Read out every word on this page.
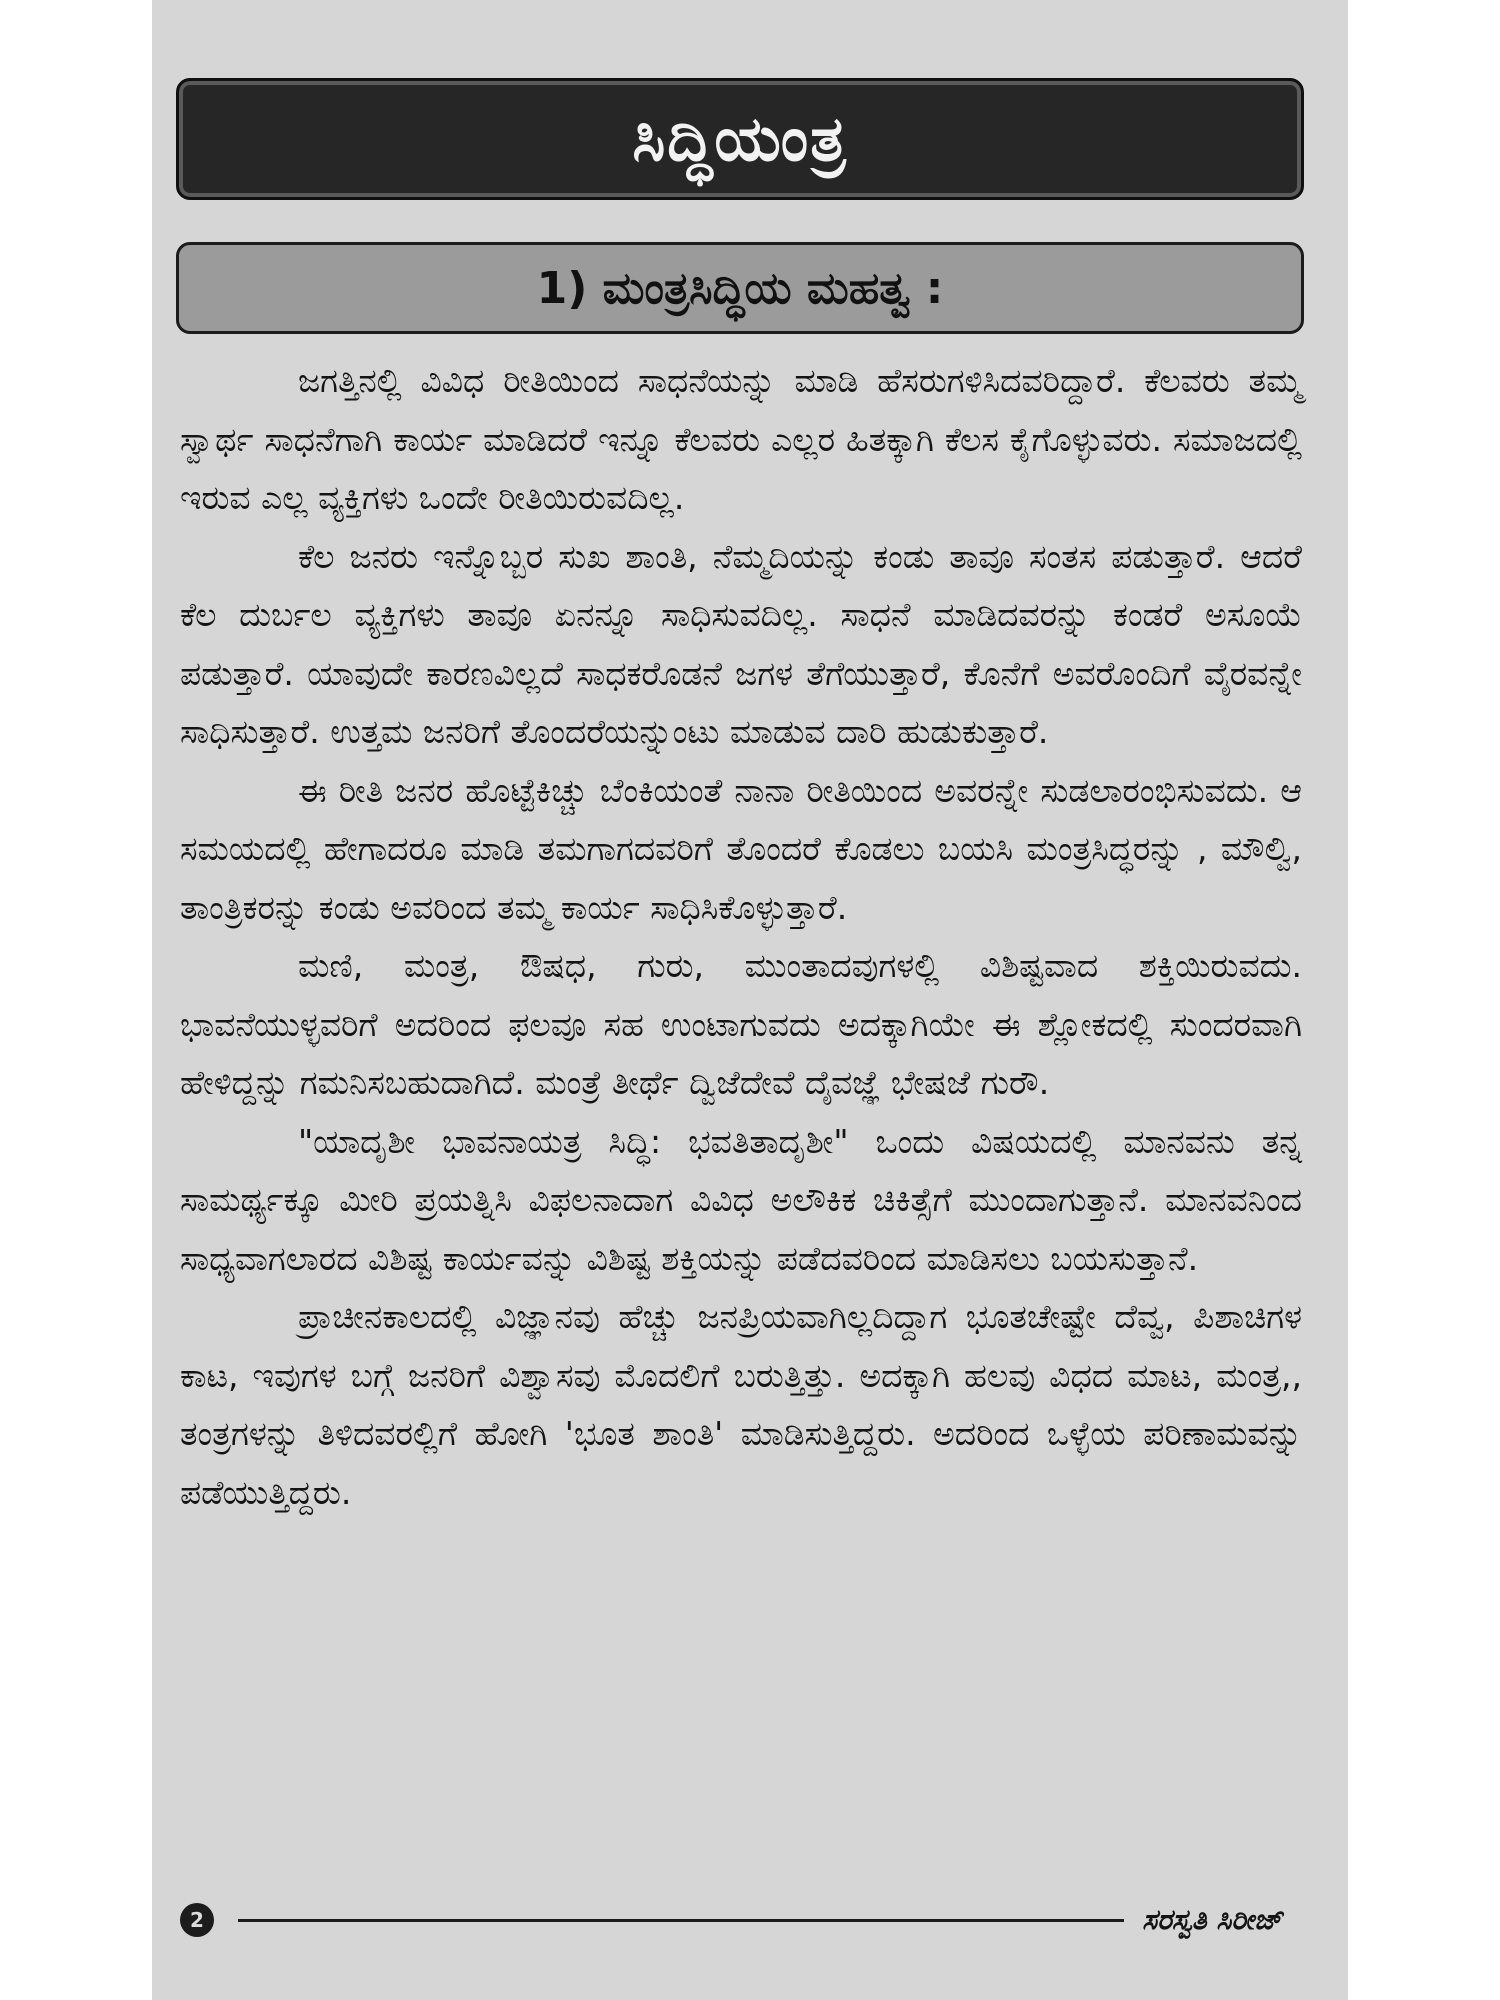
ಸಿದ್ಧಿಯಂತ್ರ
1) ಮಂತ್ರಸಿದ್ಧಿಯ ಮಹತ್ವ :

ಜಗತ್ತಿನಲ್ಲಿ ವಿವಿಧ ರೀತಿಯಿಂದ ಸಾಧನೆಯನ್ನು ಮಾಡಿ ಹೆಸರುಗಳಿಸಿದವರಿದ್ದಾರೆ. ಕೆಲವರು ತಮ್ಮ ಸ್ವಾರ್ಥ ಸಾಧನೆಗಾಗಿ ಕಾರ್ಯ ಮಾಡಿದರೆ ಇನ್ನೂ ಕೆಲವರು ಎಲ್ಲರ ಹಿತಕ್ಕಾಗಿ ಕೆಲಸ ಕೈಗೊಳ್ಳುವರು. ಸಮಾಜದಲ್ಲಿ ಇರುವ ಎಲ್ಲ ವ್ಯಕ್ತಿಗಳು ಒಂದೇ ರೀತಿಯಿರುವದಿಲ್ಲ.

ಕೆಲ ಜನರು ಇನ್ನೊಬ್ಬರ ಸುಖ ಶಾಂತಿ, ನೆಮ್ಮದಿಯನ್ನು ಕಂಡು ತಾವೂ ಸಂತಸ ಪಡುತ್ತಾರೆ. ಆದರೆ ಕೆಲ ದುರ್ಬಲ ವ್ಯಕ್ತಿಗಳು ತಾವೂ ಏನನ್ನೂ ಸಾಧಿಸುವದಿಲ್ಲ. ಸಾಧನೆ ಮಾಡಿದವರನ್ನು ಕಂಡರೆ ಅಸೂಯೆ ಪಡುತ್ತಾರೆ. ಯಾವುದೇ ಕಾರಣವಿಲ್ಲದೆ ಸಾಧಕರೊಡನೆ ಜಗಳ ತೆಗೆಯುತ್ತಾರೆ, ಕೊನೆಗೆ ಅವರೊಂದಿಗೆ ವೈರವನ್ನೇ ಸಾಧಿಸುತ್ತಾರೆ. ಉತ್ತಮ ಜನರಿಗೆ ತೊಂದರೆಯನ್ನುಂಟು ಮಾಡುವ ದಾರಿ ಹುಡುಕುತ್ತಾರೆ.

ಈ ರೀತಿ ಜನರ ಹೊಟ್ಟೆಕಿಚ್ಚು ಬೆಂಕಿಯಂತೆ ನಾನಾ ರೀತಿಯಿಂದ ಅವರನ್ನೇ ಸುಡಲಾರಂಭಿಸುವದು. ಆ ಸಮಯದಲ್ಲಿ ಹೇಗಾದರೂ ಮಾಡಿ ತಮಗಾಗದವರಿಗೆ ತೊಂದರೆ ಕೊಡಲು ಬಯಸಿ ಮಂತ್ರಸಿದ್ಧರನ್ನು , ಮೌಲ್ವಿ, ತಾಂತ್ರಿಕರನ್ನು ಕಂಡು ಅವರಿಂದ ತಮ್ಮ ಕಾರ್ಯ ಸಾಧಿಸಿಕೊಳ್ಳುತ್ತಾರೆ.

ಮಣಿ, ಮಂತ್ರ, ಔಷಧ, ಗುರು, ಮುಂತಾದವುಗಳಲ್ಲಿ ವಿಶಿಷ್ಟವಾದ ಶಕ್ತಿಯಿರುವದು. ಭಾವನೆಯುಳ್ಳವರಿಗೆ ಅದರಿಂದ ಫಲವೂ ಸಹ ಉಂಟಾಗುವದು ಅದಕ್ಕಾಗಿಯೇ ಈ ಶ್ಲೋಕದಲ್ಲಿ ಸುಂದರವಾಗಿ ಹೇಳಿದ್ದನ್ನು ಗಮನಿಸಬಹುದಾಗಿದೆ. ಮಂತ್ರೆ ತೀರ್ಥೆ ದ್ವಿಜೆದೇವೆ ದೈವಜ್ಞೆ ಭೇಷಜೆ ಗುರೌ.

"ಯಾದೃಶೀ ಭಾವನಾಯತ್ರ ಸಿದ್ಧಿ: ಭವತಿತಾದೃಶೀ" ಒಂದು ವಿಷಯದಲ್ಲಿ ಮಾನವನು ತನ್ನ ಸಾಮರ್ಥ್ಯಕ್ಕೂ ಮೀರಿ ಪ್ರಯತ್ನಿಸಿ ವಿಫಲನಾದಾಗ ವಿವಿಧ ಅಲೌಕಿಕ ಚಿಕಿತ್ಸೆಗೆ ಮುಂದಾಗುತ್ತಾನೆ. ಮಾನವನಿಂದ ಸಾಧ್ಯವಾಗಲಾರದ ವಿಶಿಷ್ಟ ಕಾರ್ಯವನ್ನು ವಿಶಿಷ್ಟ ಶಕ್ತಿಯನ್ನು ಪಡೆದವರಿಂದ ಮಾಡಿಸಲು ಬಯಸುತ್ತಾನೆ.

ಪ್ರಾಚೀನಕಾಲದಲ್ಲಿ ವಿಜ್ಞಾನವು ಹೆಚ್ಚು ಜನಪ್ರಿಯವಾಗಿಲ್ಲದಿದ್ದಾಗ ಭೂತಚೇಷ್ಟೇ ದೆವ್ವ, ಪಿಶಾಚಿಗಳ ಕಾಟ, ಇವುಗಳ ಬಗ್ಗೆ ಜನರಿಗೆ ವಿಶ್ವಾಸವು ಮೊದಲಿಗೆ ಬರುತ್ತಿತ್ತು. ಅದಕ್ಕಾಗಿ ಹಲವು ವಿಧದ ಮಾಟ, ಮಂತ್ರ,, ತಂತ್ರಗಳನ್ನು ತಿಳಿದವರಲ್ಲಿಗೆ ಹೋಗಿ 'ಭೂತ ಶಾಂತಿ' ಮಾಡಿಸುತ್ತಿದ್ದರು. ಅದರಿಂದ ಒಳ್ಳೆಯ ಪರಿಣಾಮವನ್ನು ಪಡೆಯುತ್ತಿದ್ದರು.

2	ಸರಸ್ವತಿ ಸಿರೀಜ್
